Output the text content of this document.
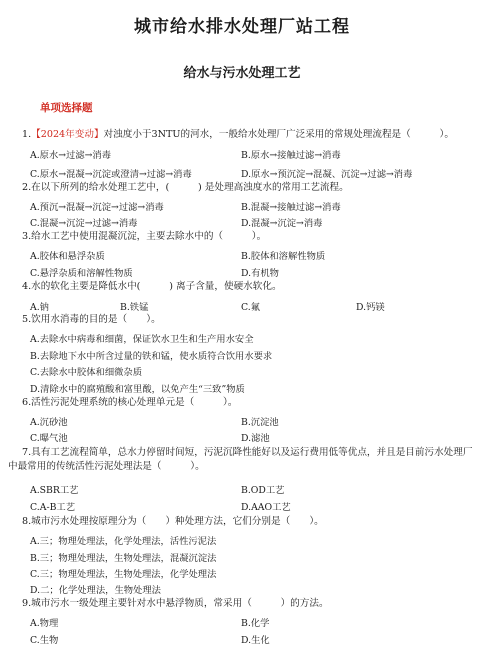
城市给水排水处理厂站工程
给水与污水处理工艺
单项选择题
1.【2024年变动】对浊度小于3NTU的河水，一般给水处理厂广泛采用的常规处理流程是（　　　）。
A.原水→过滤→消毒	B.原水→接触过滤→消毒
C.原水→混凝→沉淀或澄清→过滤→消毒	D.原水→预沉淀→混凝、沉淀→过滤→消毒
2.在以下所列的给水处理工艺中，(　　　) 是处理高浊度水的常用工艺流程。
A.预沉→混凝→沉淀→过滤→消毒	B.混凝→接触过滤→消毒
C.混凝→沉淀→过滤→消毒	D.混凝→沉淀→消毒
3.给水工艺中使用混凝沉淀，主要去除水中的（　　　）。
A.胶体和悬浮杂质	B.胶体和溶解性物质
C.悬浮杂质和溶解性物质	D.有机物
4.水的软化主要是降低水中(　　　) 离子含量，使硬水软化。
A.钠	B.铁锰	C.氟	D.钙镁
5.饮用水消毒的目的是（　　）。
A.去除水中病毒和细菌，保证饮水卫生和生产用水安全
B.去除地下水中所含过量的铁和锰，使水质符合饮用水要求
C.去除水中胶体和细微杂质
D.清除水中的腐殖酸和富里酸，以免产生“三致”物质
6.活性污泥处理系统的核心处理单元是（　　　）。
A.沉砂池	B.沉淀池
C.曝气池	D.滤池
7.具有工艺流程简单，总水力停留时间短，污泥沉降性能好以及运行费用低等优点，并且是目前污水处理厂中最常用的传统活性污泥处理法是（　　　）。
A.SBR工艺	B.OD工艺
C.A-B工艺	D.AAO工艺
8.城市污水处理按原理分为（　　）种处理方法，它们分别是（　　）。
A.三；物理处理法，化学处理法，活性污泥法
B.三；物理处理法，生物处理法，混凝沉淀法
C.三；物理处理法，生物处理法，化学处理法
D.二；化学处理法，生物处理法
9.城市污水一级处理主要针对水中悬浮物质，常采用（　　　）的方法。
A.物理	B.化学
C.生物	D.生化
